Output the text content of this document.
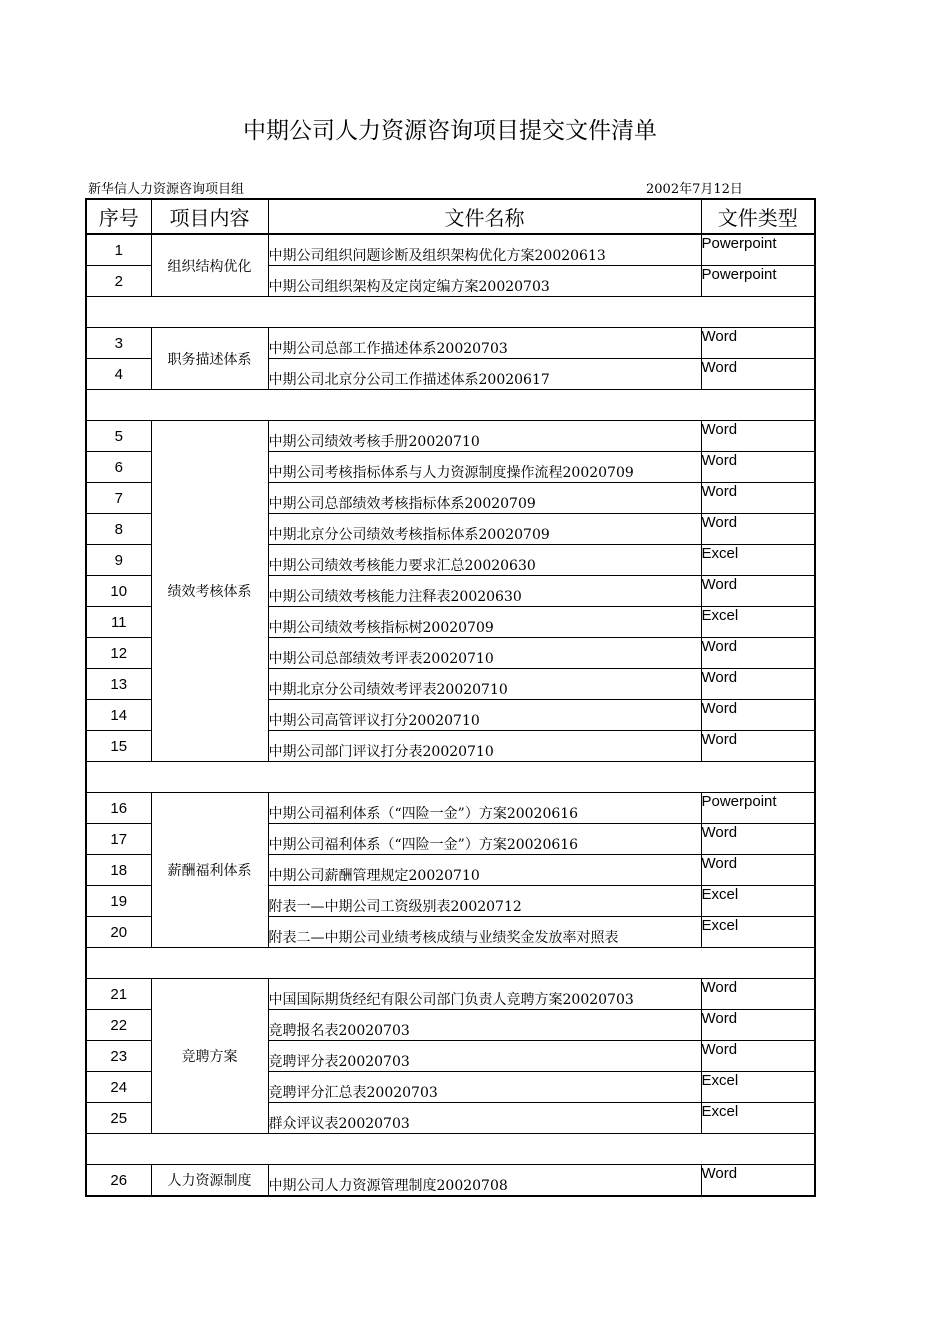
中期公司人力资源咨询项目提交文件清单
新华信人力资源咨询项目组	2002年7月12日
序号	项目内容	文件名称	文件类型
1	组织结构优化	中期公司组织问题诊断及组织架构优化方案20020613	Powerpoint
2		中期公司组织架构及定岗定编方案20020703	Powerpoint

3	职务描述体系	中期公司总部工作描述体系20020703	Word
4		中期公司北京分公司工作描述体系20020617	Word

5	绩效考核体系	中期公司绩效考核手册20020710	Word
6		中期公司考核指标体系与人力资源制度操作流程20020709	Word
7		中期公司总部绩效考核指标体系20020709	Word
8		中期北京分公司绩效考核指标体系20020709	Word
9		中期公司绩效考核能力要求汇总20020630	Excel
10		中期公司绩效考核能力注释表20020630	Word
11		中期公司绩效考核指标树20020709	Excel
12		中期公司总部绩效考评表20020710	Word
13		中期北京分公司绩效考评表20020710	Word
14		中期公司高管评议打分20020710	Word
15		中期公司部门评议打分表20020710	Word

16	薪酬福利体系	中期公司福利体系（“四险一金”）方案20020616	Powerpoint
17		中期公司福利体系（“四险一金”）方案20020616	Word
18		中期公司薪酬管理规定20020710	Word
19		附表一—中期公司工资级别表20020712	Excel
20		附表二—中期公司业绩考核成绩与业绩奖金发放率对照表	Excel

21	竞聘方案	中国国际期货经纪有限公司部门负责人竞聘方案20020703	Word
22		竞聘报名表20020703	Word
23		竞聘评分表20020703	Word
24		竞聘评分汇总表20020703	Excel
25		群众评议表20020703	Excel

26	人力资源制度	中期公司人力资源管理制度20020708	Word
